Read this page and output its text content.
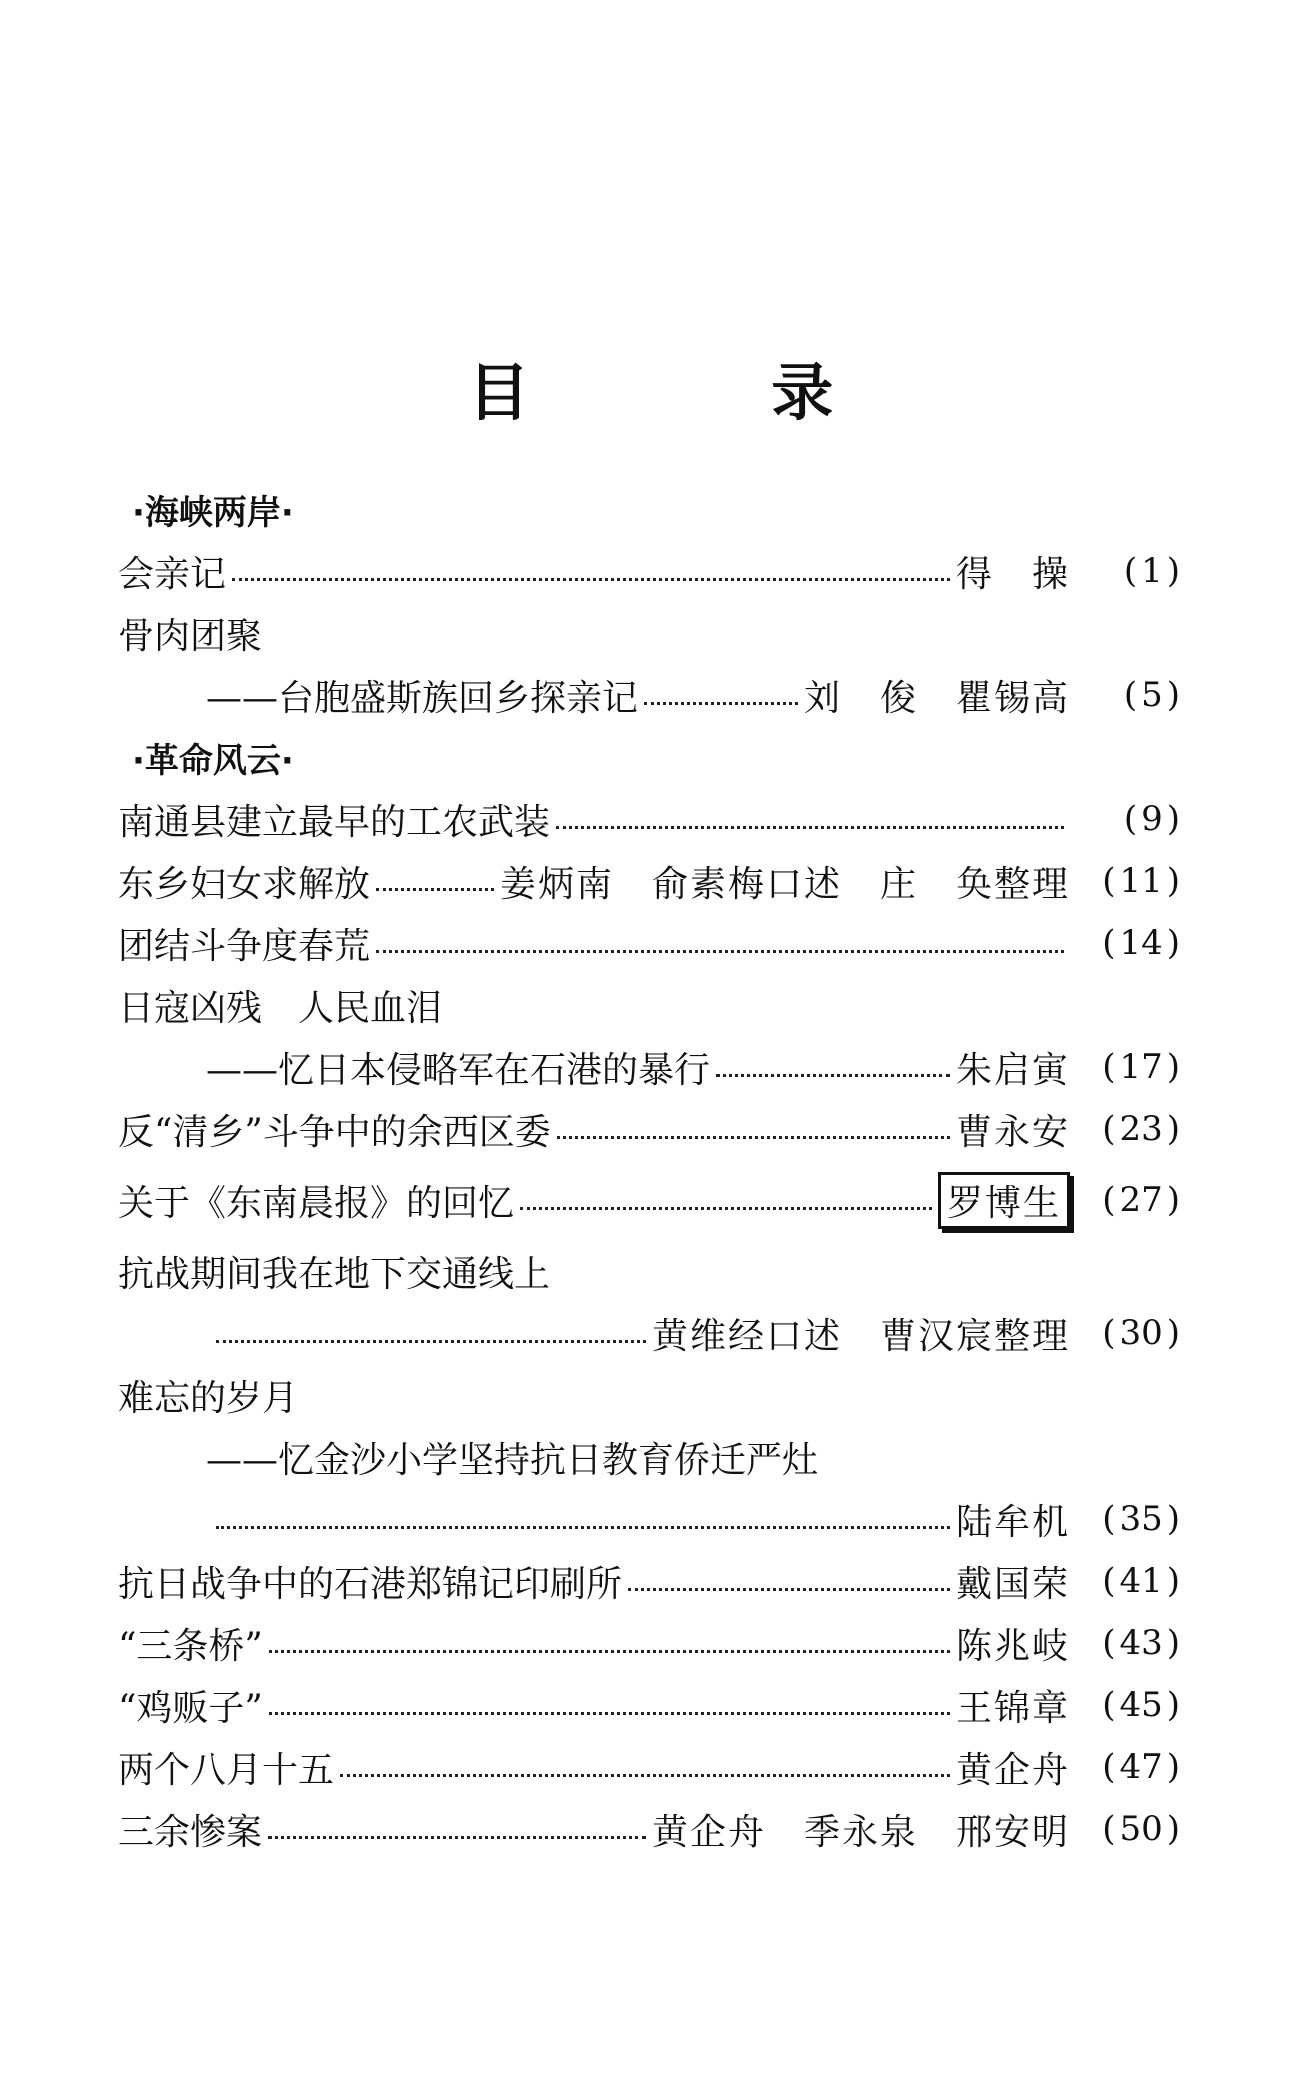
目 录
·海峡两岸·
会亲记	得　操	( 1 )
骨肉团聚
——台胞盛斯族回乡探亲记	刘　俊　瞿锡高	( 5 )
·革命风云·
南通县建立最早的工农武装	( 9 )
东乡妇女求解放	姜炳南　俞素梅口述　庄　奂整理 ( 11 )
团结斗争度春荒	( 14 )
日寇凶残　人民血泪
——忆日本侵略军在石港的暴行	朱启寅 ( 17 )
反“清乡”斗争中的余西区委	曹永安 ( 23 )
关于《东南晨报》的回忆	罗博生	( 27 )
抗战期间我在地下交通线上
黄维经口述　曹汉宸整理 ( 30 )
难忘的岁月
——忆金沙小学坚持抗日教育侨迁严灶
陆牟机 ( 35 )
抗日战争中的石港郑锦记印刷所	戴国荣 ( 41 )
“三条桥”	陈兆岐 ( 43 )
“鸡贩子”	王锦章 ( 45 )
两个八月十五	黄企舟 ( 47 )
三余惨案	黄企舟　季永泉　邢安明 ( 50 )
